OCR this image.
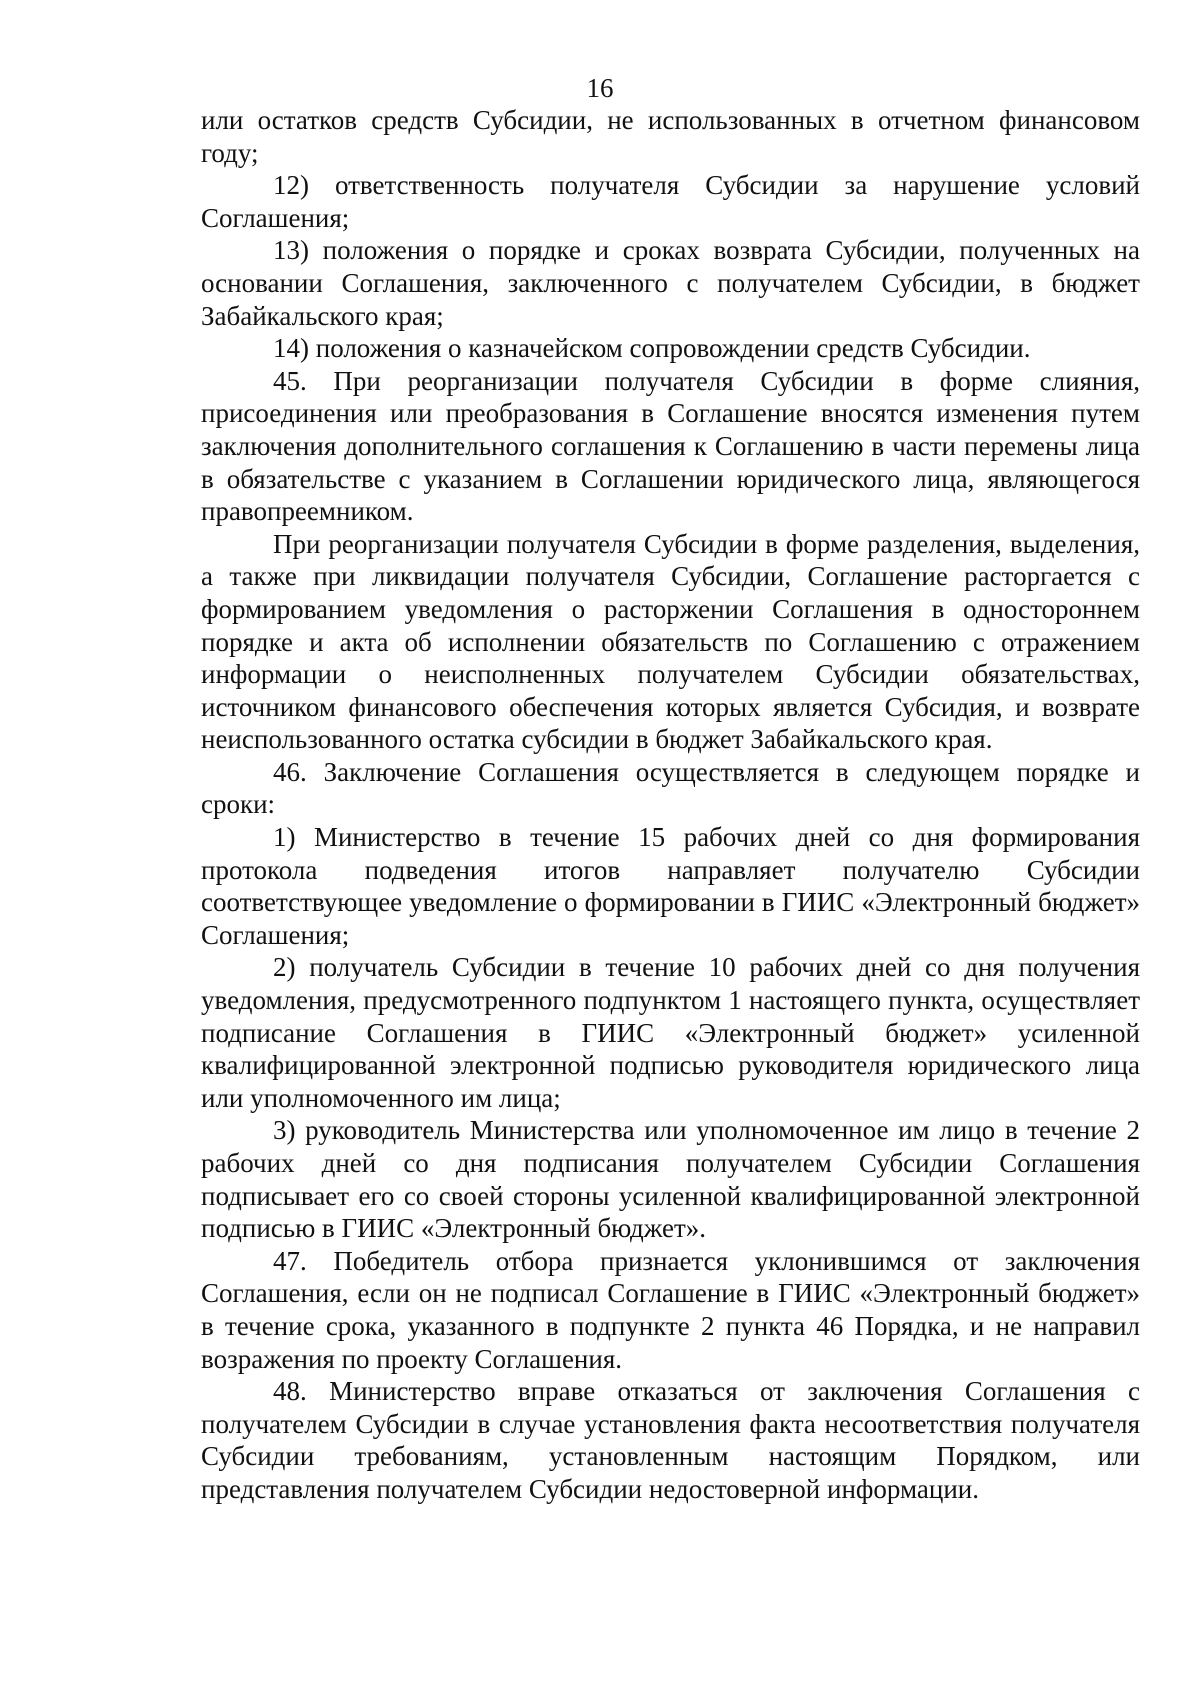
16

или остатков средств Субсидии, не использованных в отчетном финансовом году;

12) ответственность получателя Субсидии за нарушение условий Соглашения;

13) положения о порядке и сроках возврата Субсидии, полученных на основании Соглашения, заключенного с получателем Субсидии, в бюджет Забайкальского края;

14) положения о казначейском сопровождении средств Субсидии.

45. При реорганизации получателя Субсидии в форме слияния, присоединения или преобразования в Соглашение вносятся изменения путем заключения дополнительного соглашения к Соглашению в части перемены лица в обязательстве с указанием в Соглашении юридического лица, являющегося правопреемником.

При реорганизации получателя Субсидии в форме разделения, выделения, а также при ликвидации получателя Субсидии, Соглашение расторгается с формированием уведомления о расторжении Соглашения в одностороннем порядке и акта об исполнении обязательств по Соглашению с отражением информации о неисполненных получателем Субсидии обязательствах, источником финансового обеспечения которых является Субсидия, и возврате неиспользованного остатка субсидии в бюджет Забайкальского края.

46. Заключение Соглашения осуществляется в следующем порядке и сроки:

1) Министерство в течение 15 рабочих дней со дня формирования протокола подведения итогов направляет получателю Субсидии соответствующее уведомление о формировании в ГИИС «Электронный бюджет» Соглашения;

2) получатель Субсидии в течение 10 рабочих дней со дня получения уведомления, предусмотренного подпунктом 1 настоящего пункта, осуществляет подписание Соглашения в ГИИС «Электронный бюджет» усиленной квалифицированной электронной подписью руководителя юридического лица или уполномоченного им лица;

3) руководитель Министерства или уполномоченное им лицо в течение 2 рабочих дней со дня подписания получателем Субсидии Соглашения подписывает его со своей стороны усиленной квалифицированной электронной подписью в ГИИС «Электронный бюджет».

47. Победитель отбора признается уклонившимся от заключения Соглашения, если он не подписал Соглашение в ГИИС «Электронный бюджет» в течение срока, указанного в подпункте 2 пункта 46 Порядка, и не направил возражения по проекту Соглашения.

48. Министерство вправе отказаться от заключения Соглашения с получателем Субсидии в случае установления факта несоответствия получателя Субсидии требованиям, установленным настоящим Порядком, или представления получателем Субсидии недостоверной информации.
